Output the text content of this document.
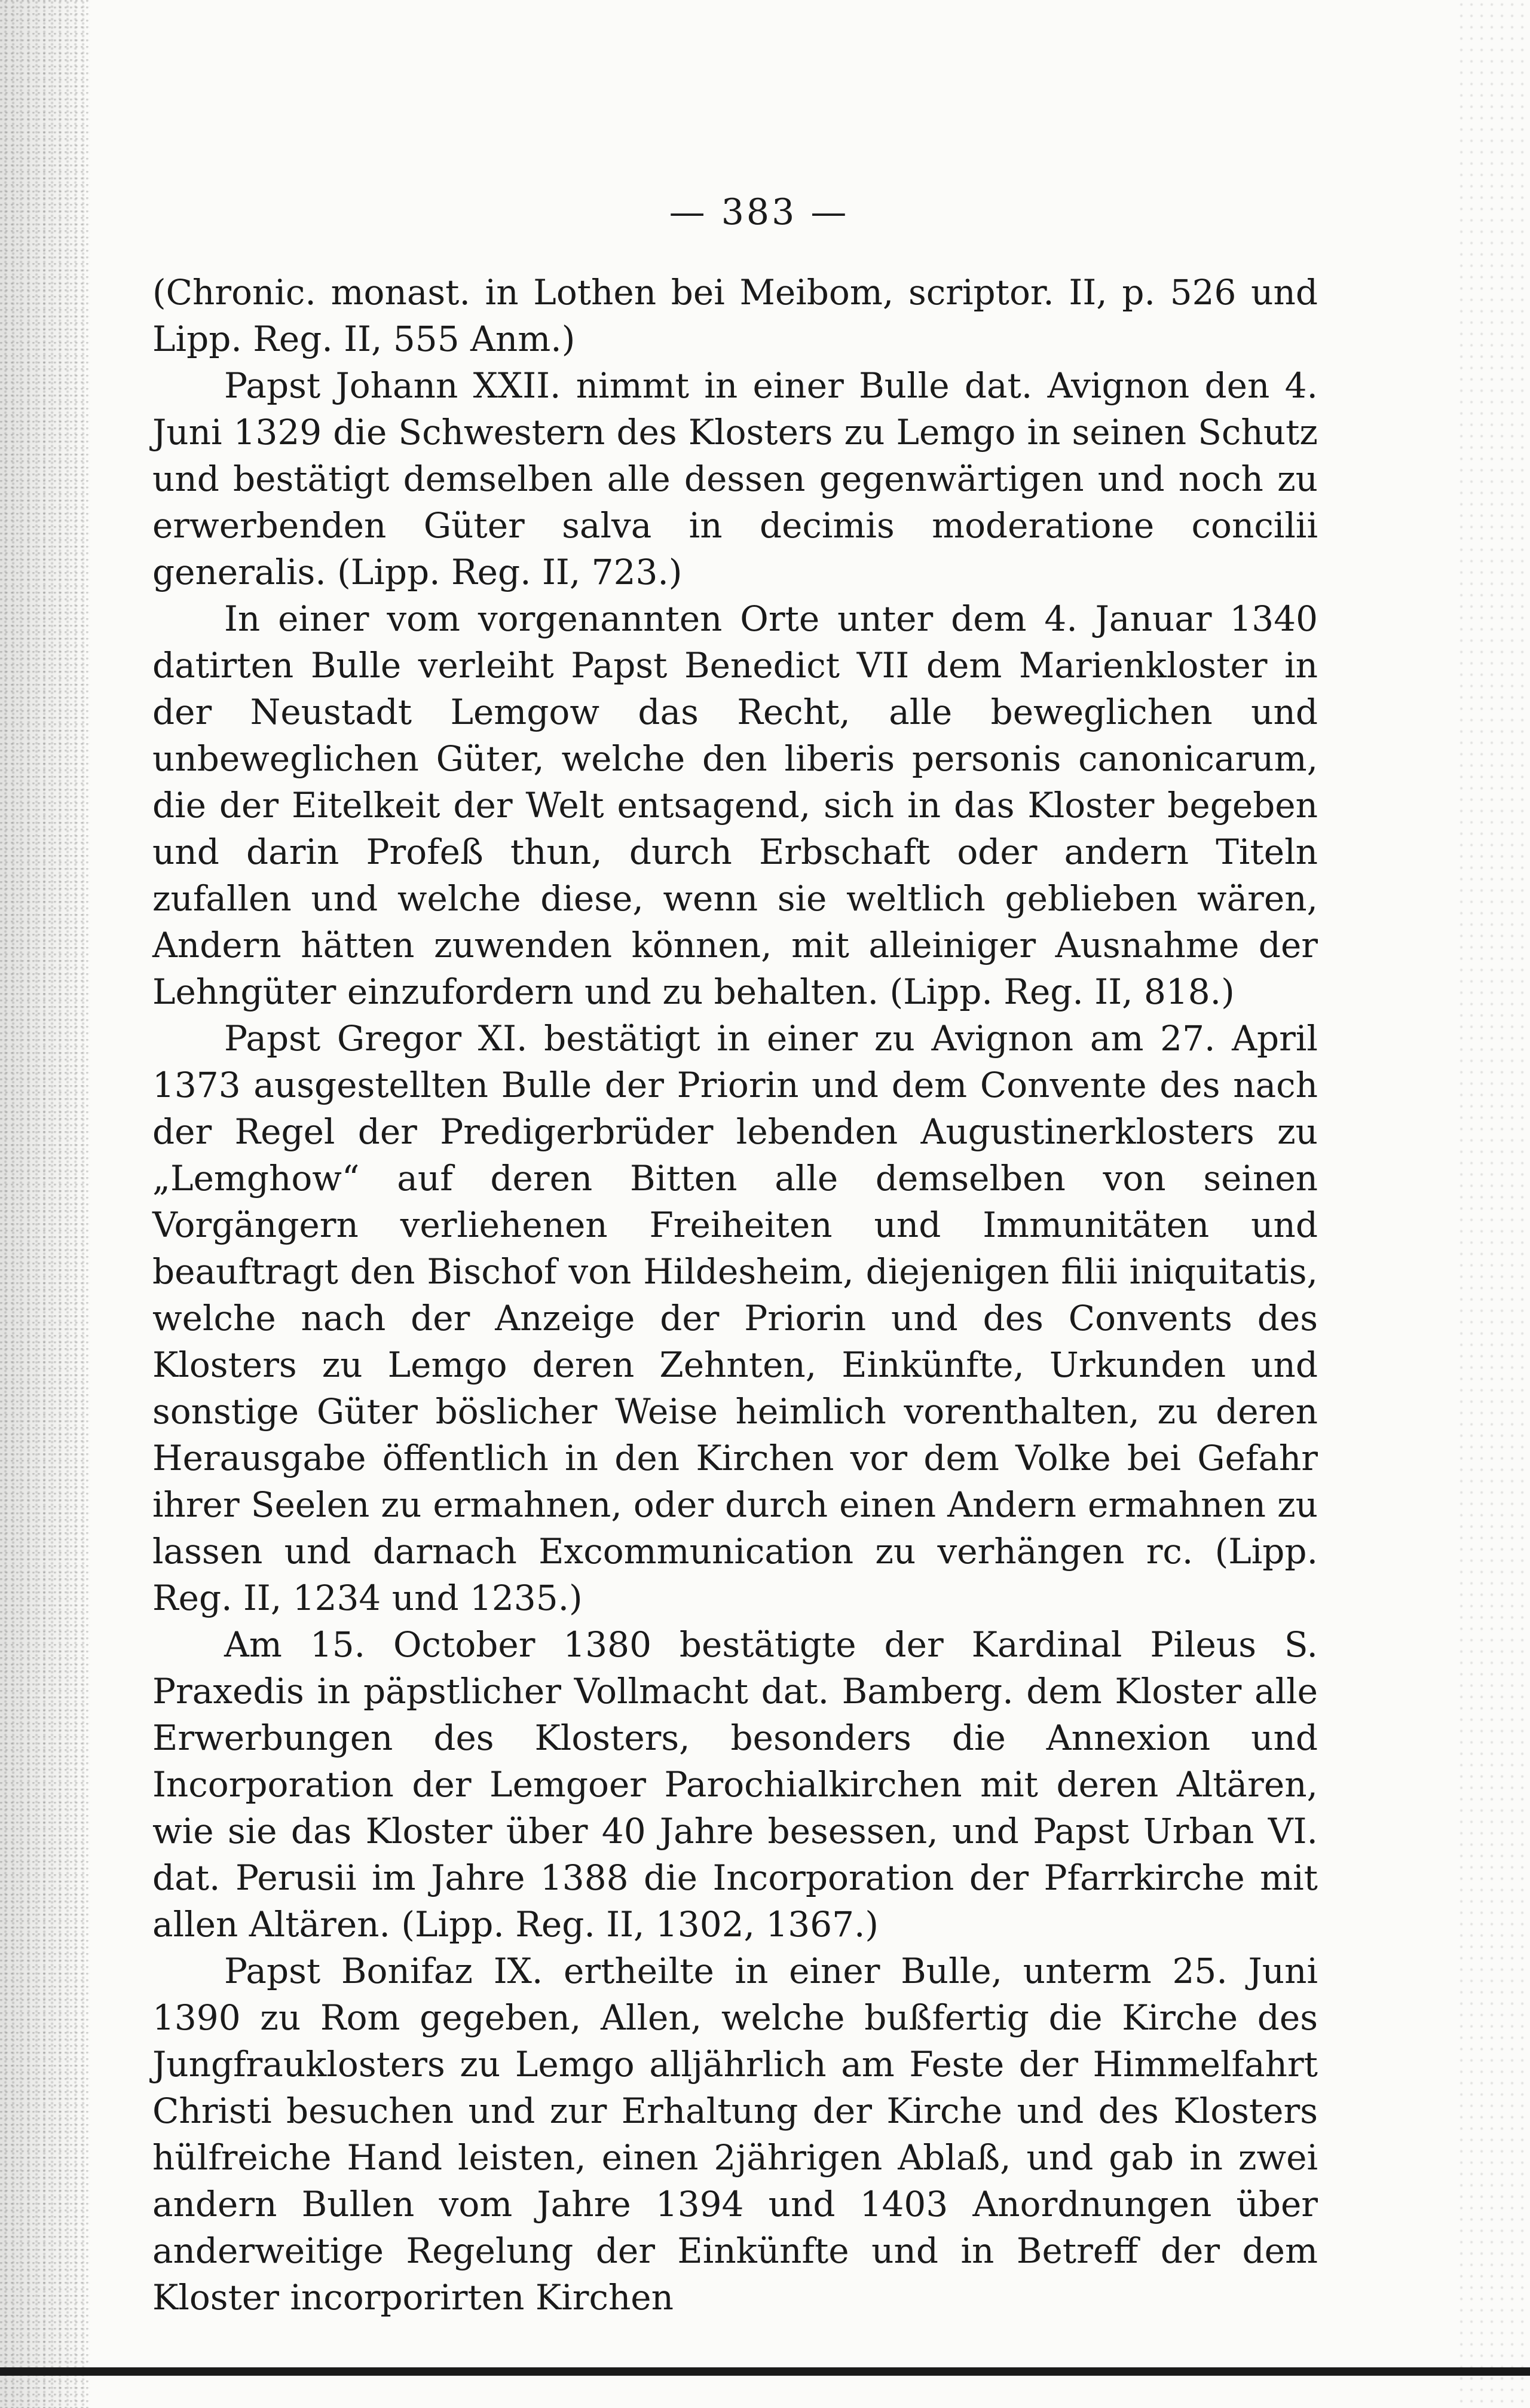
— 383 —

(Chronic. monast. in Lothen bei Meibom, scriptor. II, p. 526 und Lipp. Reg. II, 555 Anm.)

Papst Johann XXII. nimmt in einer Bulle dat. Avignon den 4. Juni 1329 die Schwestern des Klosters zu Lemgo in seinen Schutz und bestätigt demselben alle dessen gegenwärtigen und noch zu erwerbenden Güter salva in decimis moderatione concilii generalis. (Lipp. Reg. II, 723.)

In einer vom vorgenannten Orte unter dem 4. Januar 1340 datirten Bulle verleiht Papst Benedict VII dem Marienkloster in der Neustadt Lemgow das Recht, alle beweglichen und unbeweglichen Güter, welche den liberis personis canonicarum, die der Eitelkeit der Welt entsagend, sich in das Kloster begeben und darin Profeß thun, durch Erbschaft oder andern Titeln zufallen und welche diese, wenn sie weltlich geblieben wären, Andern hätten zuwenden können, mit alleiniger Ausnahme der Lehngüter einzufordern und zu behalten. (Lipp. Reg. II, 818.)

Papst Gregor XI. bestätigt in einer zu Avignon am 27. April 1373 ausgestellten Bulle der Priorin und dem Convente des nach der Regel der Predigerbrüder lebenden Augustinerklosters zu „Lemghow“ auf deren Bitten alle demselben von seinen Vorgängern verliehenen Freiheiten und Immunitäten und beauftragt den Bischof von Hildesheim, diejenigen filii iniquitatis, welche nach der Anzeige der Priorin und des Convents des Klosters zu Lemgo deren Zehnten, Einkünfte, Urkunden und sonstige Güter böslicher Weise heimlich vorenthalten, zu deren Herausgabe öffentlich in den Kirchen vor dem Volke bei Gefahr ihrer Seelen zu ermahnen, oder durch einen Andern ermahnen zu lassen und darnach Excommunication zu verhängen rc. (Lipp. Reg. II, 1234 und 1235.)

Am 15. October 1380 bestätigte der Kardinal Pileus S. Praxedis in päpstlicher Vollmacht dat. Bamberg. dem Kloster alle Erwerbungen des Klosters, besonders die Annexion und Incorporation der Lemgoer Parochialkirchen mit deren Altären, wie sie das Kloster über 40 Jahre besessen, und Papst Urban VI. dat. Perusii im Jahre 1388 die Incorporation der Pfarrkirche mit allen Altären. (Lipp. Reg. II, 1302, 1367.)

Papst Bonifaz IX. ertheilte in einer Bulle, unterm 25. Juni 1390 zu Rom gegeben, Allen, welche bußfertig die Kirche des Jungfrauklosters zu Lemgo alljährlich am Feste der Himmelfahrt Christi besuchen und zur Erhaltung der Kirche und des Klosters hülfreiche Hand leisten, einen 2jährigen Ablaß, und gab in zwei andern Bullen vom Jahre 1394 und 1403 Anordnungen über anderweitige Regelung der Einkünfte und in Betreff der dem Kloster incorporirten Kirchen
